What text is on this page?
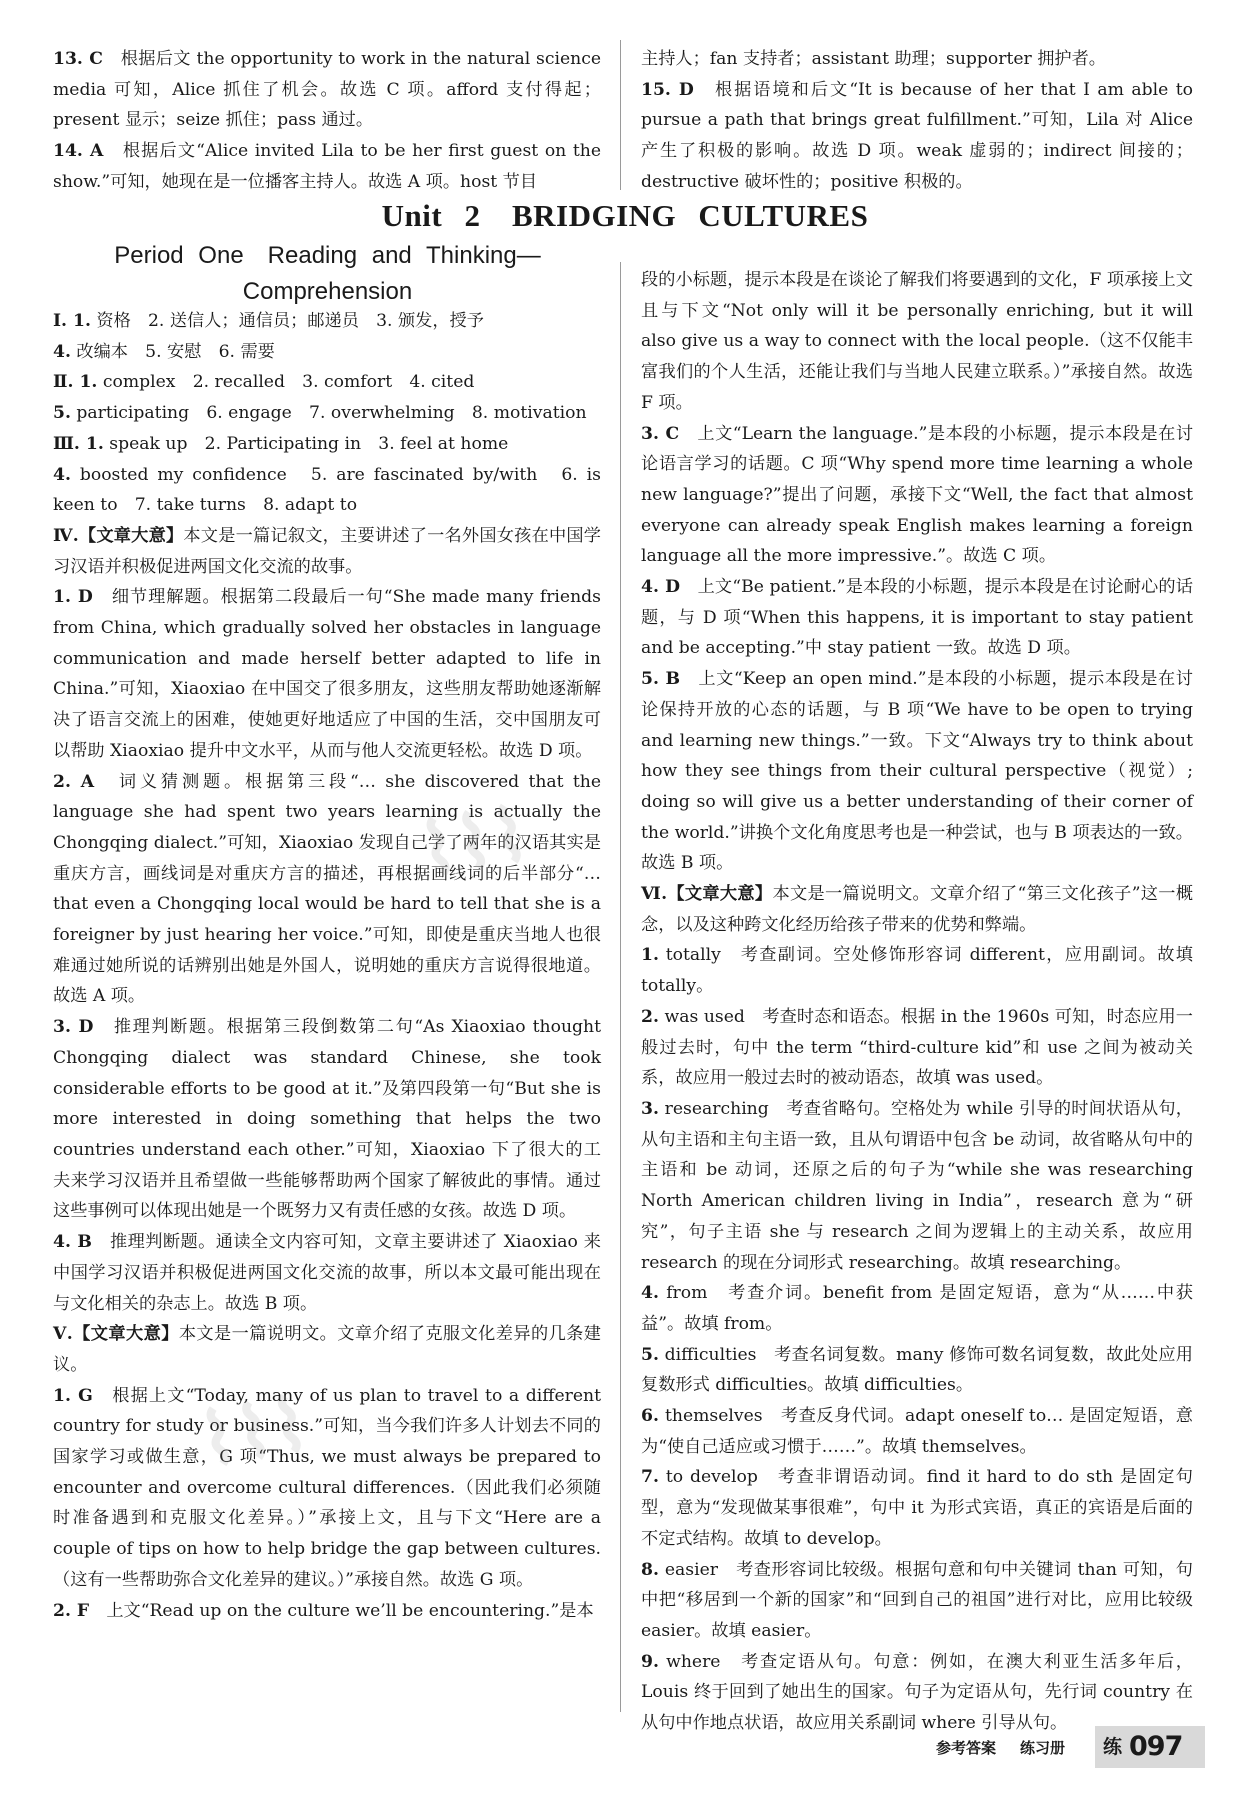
13. C　根据后文 the opportunity to work in the natural science media 可知，Alice 抓住了机会。故选 C 项。afford 支付得起；present 显示；seize 抓住；pass 通过。

14. A　根据后文“Alice invited Lila to be her first guest on the show.”可知，她现在是一位播客主持人。故选 A 项。host 节目

主持人；fan 支持者；assistant 助理；supporter 拥护者。

15. D　根据语境和后文“It is because of her that I am able to pursue a path that brings great fulfillment.”可知，Lila 对 Alice 产生了积极的影响。故选 D 项。weak 虚弱的；indirect 间接的；destructive 破坏性的；positive 积极的。

Unit 2　BRIDGING CULTURES
Period One　Reading and Thinking—Comprehension

Ⅰ. 1. 资格　2. 送信人；通信员；邮递员　3. 颁发，授予

4. 改编本　5. 安慰　6. 需要

Ⅱ. 1. complex　2. recalled　3. comfort　4. cited

5. participating　6. engage　7. overwhelming　8. motivation

Ⅲ. 1. speak up　2. Participating in　3. feel at home

4. boosted my confidence　5. are fascinated by/with　6. is keen to　7. take turns　8. adapt to

Ⅳ.【文章大意】本文是一篇记叙文，主要讲述了一名外国女孩在中国学习汉语并积极促进两国文化交流的故事。

1. D　细节理解题。根据第二段最后一句“She made many friends from China, which gradually solved her obstacles in language communication and made herself better adapted to life in China.”可知，Xiaoxiao 在中国交了很多朋友，这些朋友帮助她逐渐解决了语言交流上的困难，使她更好地适应了中国的生活，交中国朋友可以帮助 Xiaoxiao 提升中文水平，从而与他人交流更轻松。故选 D 项。

2. A　词义猜测题。根据第三段“… she discovered that the language she had spent two years learning is actually the Chongqing dialect.”可知，Xiaoxiao 发现自己学了两年的汉语其实是重庆方言，画线词是对重庆方言的描述，再根据画线词的后半部分“… that even a Chongqing local would be hard to tell that she is a foreigner by just hearing her voice.”可知，即使是重庆当地人也很难通过她所说的话辨别出她是外国人，说明她的重庆方言说得很地道。故选 A 项。

3. D　推理判断题。根据第三段倒数第二句“As Xiaoxiao thought Chongqing dialect was standard Chinese, she took considerable efforts to be good at it.”及第四段第一句“But she is more interested in doing something that helps the two countries understand each other.”可知，Xiaoxiao 下了很大的工夫来学习汉语并且希望做一些能够帮助两个国家了解彼此的事情。通过这些事例可以体现出她是一个既努力又有责任感的女孩。故选 D 项。

4. B　推理判断题。通读全文内容可知，文章主要讲述了 Xiaoxiao 来中国学习汉语并积极促进两国文化交流的故事，所以本文最可能出现在与文化相关的杂志上。故选 B 项。

Ⅴ.【文章大意】本文是一篇说明文。文章介绍了克服文化差异的几条建议。

1. G　根据上文“Today, many of us plan to travel to a different country for study or business.”可知，当今我们许多人计划去不同的国家学习或做生意，G 项“Thus, we must always be prepared to encounter and overcome cultural differences.（因此我们必须随时准备遇到和克服文化差异。）”承接上文，且与下文“Here are a couple of tips on how to help bridge the gap between cultures.（这有一些帮助弥合文化差异的建议。）”承接自然。故选 G 项。

2. F　上文“Read up on the culture we’ll be encountering.”是本

段的小标题，提示本段是在谈论了解我们将要遇到的文化，F 项承接上文且与下文“Not only will it be personally enriching, but it will also give us a way to connect with the local people.（这不仅能丰富我们的个人生活，还能让我们与当地人民建立联系。）”承接自然。故选 F 项。

3. C　上文“Learn the language.”是本段的小标题，提示本段是在讨论语言学习的话题。C 项“Why spend more time learning a whole new language?”提出了问题，承接下文“Well, the fact that almost everyone can already speak English makes learning a foreign language all the more impressive.”。故选 C 项。

4. D　上文“Be patient.”是本段的小标题，提示本段是在讨论耐心的话题，与 D 项“When this happens, it is important to stay patient and be accepting.”中 stay patient 一致。故选 D 项。

5. B　上文“Keep an open mind.”是本段的小标题，提示本段是在讨论保持开放的心态的话题，与 B 项“We have to be open to trying and learning new things.”一致。下文“Always try to think about how they see things from their cultural perspective（视觉）; doing so will give us a better understanding of their corner of the world.”讲换个文化角度思考也是一种尝试，也与 B 项表达的一致。故选 B 项。

Ⅵ.【文章大意】本文是一篇说明文。文章介绍了“第三文化孩子”这一概念，以及这种跨文化经历给孩子带来的优势和弊端。

1. totally　考查副词。空处修饰形容词 different，应用副词。故填 totally。

2. was used　考查时态和语态。根据 in the 1960s 可知，时态应用一般过去时，句中 the term “third-culture kid”和 use 之间为被动关系，故应用一般过去时的被动语态，故填 was used。

3. researching　考查省略句。空格处为 while 引导的时间状语从句，从句主语和主句主语一致，且从句谓语中包含 be 动词，故省略从句中的主语和 be 动词，还原之后的句子为“while she was researching North American children living in India”，research 意为“研究”，句子主语 she 与 research 之间为逻辑上的主动关系，故应用 research 的现在分词形式 researching。故填 researching。

4. from　考查介词。benefit from 是固定短语，意为“从……中获益”。故填 from。

5. difficulties　考查名词复数。many 修饰可数名词复数，故此处应用复数形式 difficulties。故填 difficulties。

6. themselves　考查反身代词。adapt oneself to… 是固定短语，意为“使自己适应或习惯于……”。故填 themselves。

7. to develop　考查非谓语动词。find it hard to do sth 是固定句型，意为“发现做某事很难”，句中 it 为形式宾语，真正的宾语是后面的不定式结构。故填 to develop。

8. easier　考查形容词比较级。根据句意和句中关键词 than 可知，句中把“移居到一个新的国家”和“回到自己的祖国”进行对比，应用比较级 easier。故填 easier。

9. where　考查定语从句。句意：例如，在澳大利亚生活多年后，Louis 终于回到了她出生的国家。句子为定语从句，先行词 country 在从句中作地点状语，故应用关系副词 where 引导从句。

⌇⌇⌇
⌇⌇⌇
参考答案 练习册 练 097
